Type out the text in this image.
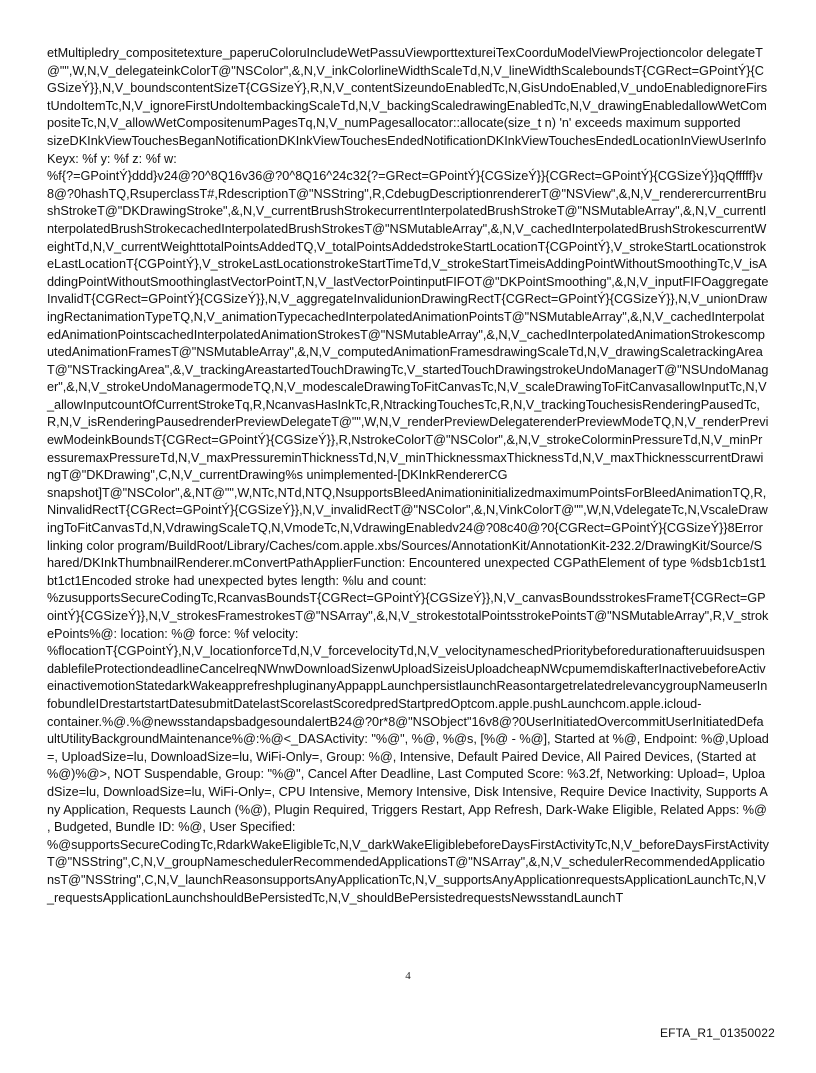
etMultipledry_compositetexture_paperuColoruIncludeWetPassuViewporttextureiTexCoorduModelViewProjectioncolor delegateT@"",W,N,V_delegateinkColorT@"NSColor",&,N,V_inkColorlineWidthScaleTd,N,V_lineWidthScaleboundsT{CGRect=GPointÝ}{CGSizeÝ}},N,V_boundscontentSizeT{CGSizeÝ},R,N,V_contentSizeundoEnabledTc,N,GisUndoEnabled,V_undoEnabledignoreFirstUndoItemTc,N,V_ignoreFirstUndoItembackingScaleTd,N,V_backingScaledrawingEnabledTc,N,V_drawingEnabledallowWetCompositeTc,N,V_allowWetCompositenumPagesTq,N,V_numPagesallocator::allocate(size_t n) 'n' exceeds maximum supported

sizeDKInkViewTouchesBeganNotificationDKInkViewTouchesEndedNotificationDKInkViewTouchesEndedLocationInViewUserInfoKeyx: %f y: %f z: %f w:

%f{?=GPointÝ}ddd}v24@?0^8Q16v36@?0^8Q16^24c32{?=GRect=GPointÝ}{CGSizeÝ}}{CGRect=GPointÝ}{CGSizeÝ}}qQfffff}v8@?0hashTQ,RsuperclassT#,RdescriptionT@"NSString",R,CdebugDescriptionrendererT@"NSView",&,N,V_renderercurrentBrushStrokeT@"DKDrawingStroke",&,N,V_currentBrushStrokecurrentInterpolatedBrushStrokeT@"NSMutableArray",&,N,V_currentInterpolatedBrushStrokecachedInterpolatedBrushStrokesT@"NSMutableArray",&,N,V_cachedInterpolatedBrushStrokescurrentWeightTd,N,V_currentWeighttotalPointsAddedTQ,V_totalPointsAddedstrokeStartLocationT{CGPointÝ},V_strokeStartLocationstrokeLastLocationT{CGPointÝ},V_strokeLastLocationstrokeStartTimeTd,V_strokeStartTimeisAddingPointWithoutSmoothingTc,V_isAddingPointWithoutSmoothinglastVectorPointT,N,V_lastVectorPointinputFIFOT@"DKPointSmoothing",&,N,V_inputFIFOaggregateInvalidT{CGRect=GPointÝ}{CGSizeÝ}},N,V_aggregateInvalidunionDrawingRectT{CGRect=GPointÝ}{CGSizeÝ}},N,V_unionDrawingRectanimationTypeTQ,N,V_animationTypecachedInterpolatedAnimationPointsT@"NSMutableArray",&,N,V_cachedInterpolatedAnimationPointscachedInterpolatedAnimationStrokesT@"NSMutableArray",&,N,V_cachedInterpolatedAnimationStrokescomputedAnimationFramesT@"NSMutableArray",&,N,V_computedAnimationFramesdrawingScaleTd,N,V_drawingScaletrackingAreaT@"NSTrackingArea",&,V_trackingAreastartedTouchDrawingTc,V_startedTouchDrawingstrokeUndoManagerT@"NSUndoManager",&,N,V_strokeUndoManagermodeTQ,N,V_modescaleDrawingToFitCanvasTc,N,V_scaleDrawingToFitCanvasallowInputTc,N,V_allowInputcountOfCurrentStrokeTq,R,NcanvasHasInkTc,R,NtrackingTouchesTc,R,N,V_trackingTouchesisRenderingPausedTc,R,N,V_isRenderingPausedrenderPreviewDelegateT@"",W,N,V_renderPreviewDelegaterenderPreviewModeTQ,N,V_renderPreviewModeinkBoundsT{CGRect=GPointÝ}{CGSizeÝ}},R,NstrokeColorT@"NSColor",&,N,V_strokeColorminPressureTd,N,V_minPressuremaxPressureTd,N,V_maxPressureminThicknessTd,N,V_minThicknessmaxThicknessTd,N,V_maxThicknesscurrentDrawingT@"DKDrawing",C,N,V_currentDrawing%s unimplemented-[DKInkRendererCG

snapshot]T@"NSColor",&,NT@"",W,NTc,NTd,NTQ,NsupportsBleedAnimationinitializedmaximumPointsForBleedAnimationTQ,R,NinvalidRectT{CGRect=GPointÝ}{CGSizeÝ}},N,V_invalidRectT@"NSColor",&,N,VinkColorT@"",W,N,VdelegateTc,N,VscaleDrawingToFitCanvasTd,N,VdrawingScaleTQ,N,VmodeTc,N,VdrawingEnabledv24@?08c40@?0{CGRect=GPointÝ}{CGSizeÝ}}8Error linking color program/BuildRoot/Library/Caches/com.apple.xbs/Sources/AnnotationKit/AnnotationKit-232.2/DrawingKit/Source/Shared/DKInkThumbnailRenderer.mConvertPathApplierFunction: Encountered unexpected CGPathElement of type %dsb1cb1st1bt1ct1Encoded stroke had unexpected bytes length: %lu and count:

%zusupportsSecureCodingTc,RcanvasBoundsT{CGRect=GPointÝ}{CGSizeÝ}},N,V_canvasBoundsstrokesFrameT{CGRect=GPointÝ}{CGSizeÝ}},N,V_strokesFramestrokesT@"NSArray",&,N,V_strokestotalPointsstrokePointsT@"NSMutableArray",R,V_strokePoints%@: location: %@ force: %f velocity:

%flocationT{CGPointÝ},N,V_locationforceTd,N,V_forcevelocityTd,N,V_velocitynameschedPrioritybeforedurationafteruuidsuspendablefileProtectiondeadlineCancelreqNWnwDownloadSizenwUploadSizeisUploadcheapNWcpumemdiskafterInactivebeforeActiveinactivemotionStatedarkWakeapprefreshpluginanyAppappLaunchpersistlaunchReasontargetrelatedrelevancygroupNameuserInfobundleIDrestartstartDatesubmitDatelastScorelastScoredpredStartpredOptcom.apple.pushLaunchcom.apple.icloud-

container.%@.%@newsstandapsbadgesoundalertB24@?0r*8@"NSObject"16v8@?0UserInitiatedOvercommitUserInitiatedDefaultUtilityBackgroundMaintenance%@:%@<_DASActivity: "%@", %@, %@s, [%@ - %@], Started at %@, Endpoint: %@,Upload=, UploadSize=lu, DownloadSize=lu, WiFi-Only=, Group: %@, Intensive, Default Paired Device, All Paired Devices, (Started at %@)%@>, NOT Suspendable, Group: "%@", Cancel After Deadline, Last Computed Score: %3.2f, Networking: Upload=, UploadSize=lu, DownloadSize=lu, WiFi-Only=, CPU Intensive, Memory Intensive, Disk Intensive, Require Device Inactivity, Supports Any Application, Requests Launch (%@), Plugin Required, Triggers Restart, App Refresh, Dark-Wake Eligible, Related Apps: %@ , Budgeted, Bundle ID: %@, User Specified:

%@supportsSecureCodingTc,RdarkWakeEligibleTc,N,V_darkWakeEligiblebeforeDaysFirstActivityTc,N,V_beforeDaysFirstActivityT@"NSString",C,N,V_groupNameschedulerRecommendedApplicationsT@"NSArray",&,N,V_schedulerRecommendedApplicationsT@"NSString",C,N,V_launchReasonsupportsAnyApplicationTc,N,V_supportsAnyApplicationrequestsApplicationLaunchTc,N,V_requestsApplicationLaunchshouldBePersistedTc,N,V_shouldBePersistedrequestsNewsstandLaunchT

4
EFTA_R1_01350022
